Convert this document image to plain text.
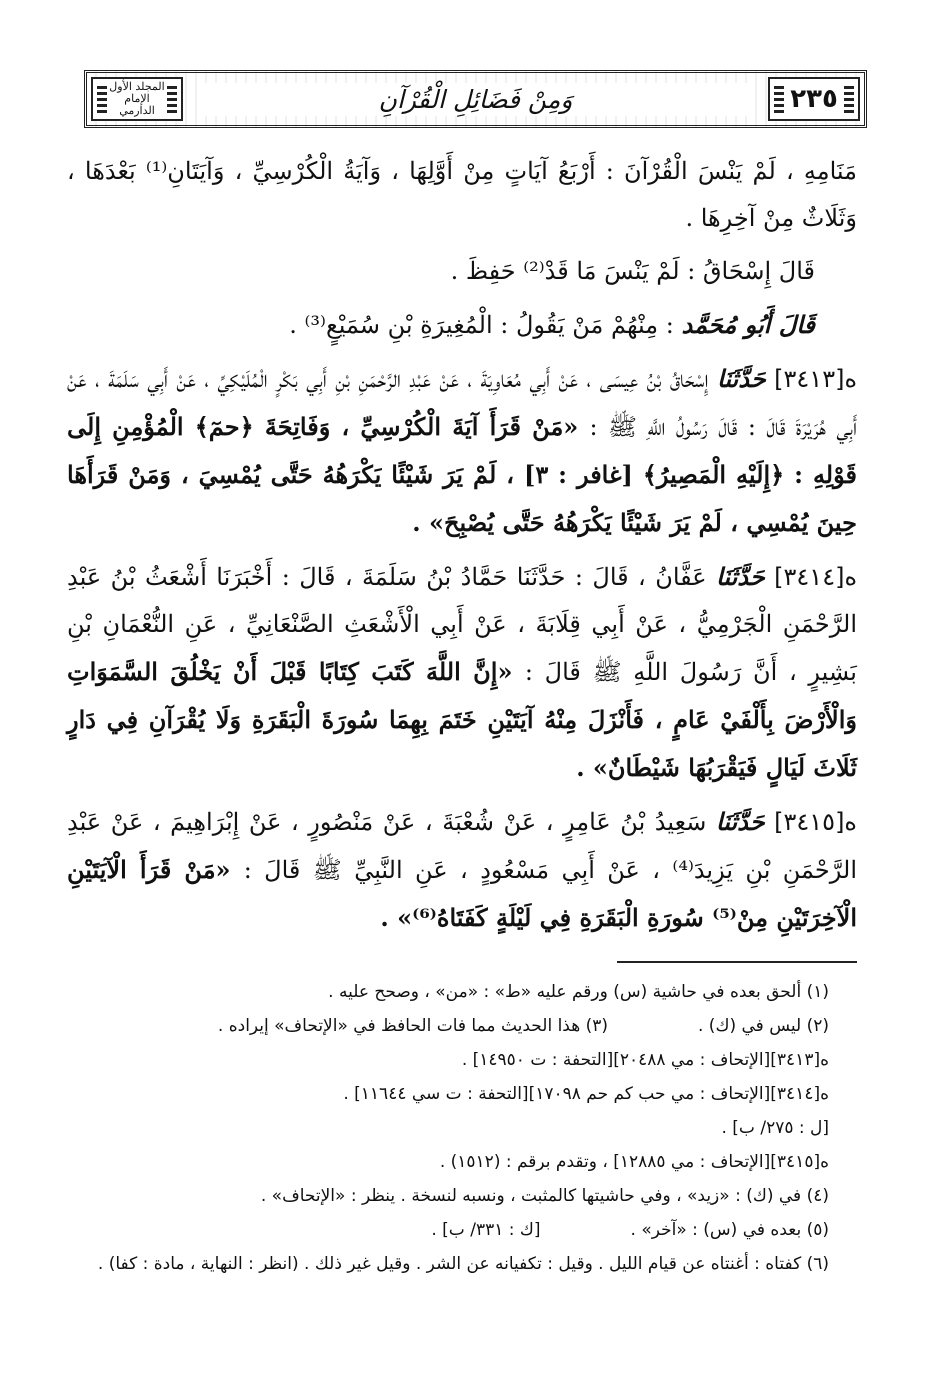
٢٣٥
وَمِنْ فَضَائِلِ الْقُرْآنِ
المجلد الأول الإمام الدارمي

مَنَامِهِ ، لَمْ يَنْسَ الْقُرْآنَ : أَرْبَعُ آيَاتٍ مِنْ أَوَّلِهَا ، وَآيَةُ الْكُرْسِيِّ ، وَآيَتَانِ⁽¹⁾ بَعْدَهَا ، وَثَلَاثٌ مِنْ آخِرِهَا .

قَالَ إِسْحَاقُ : لَمْ يَنْسَ مَا قَدْ⁽²⁾ حَفِظَ .

قَالَ أَبُو مُحَمَّد : مِنْهُمْ مَنْ يَقُولُ : الْمُغِيرَةِ بْنِ سُمَيْعٍ⁽³⁾ .

ه[٣٤١٣] حَدَّثَنَا إِسْحَاقُ بْنُ عِيسَى ، عَنْ أَبِي مُعَاوِيَةَ ، عَنْ عَبْدِ الرَّحْمَنِ بْنِ أَبِي بَكْرٍ الْمُلَيْكِيِّ ، عَنْ أَبِي سَلَمَةَ ، عَنْ أَبِي هُرَيْرَةَ قَالَ : قَالَ رَسُولُ اللَّهِ ﷺ : «مَنْ قَرَأَ آيَةَ الْكُرْسِيِّ ، وَفَاتِحَةَ ﴿حمٓ﴾ الْمُؤْمِنِ إِلَى قَوْلِهِ : ﴿إِلَيْهِ الْمَصِيرُ﴾ [غافر : ٣] ، لَمْ يَرَ شَيْئًا يَكْرَهُهُ حَتَّى يُمْسِيَ ، وَمَنْ قَرَأَهَا حِينَ يُمْسِي ، لَمْ يَرَ شَيْئًا يَكْرَهُهُ حَتَّى يُصْبِحَ» .

ه[٣٤١٤] حَدَّثَنَا عَفَّانُ ، قَالَ : حَدَّثَنَا حَمَّادُ بْنُ سَلَمَةَ ، قَالَ : أَخْبَرَنَا أَشْعَثُ بْنُ عَبْدِ الرَّحْمَنِ الْجَرْمِيُّ ، عَنْ أَبِي قِلَابَةَ ، عَنْ أَبِي الْأَشْعَثِ الصَّنْعَانِيِّ ، عَنِ النُّعْمَانِ بْنِ بَشِيرٍ ، أَنَّ رَسُولَ اللَّهِ ﷺ قَالَ : «إِنَّ اللَّهَ كَتَبَ كِتَابًا قَبْلَ أَنْ يَخْلُقَ السَّمَوَاتِ وَالْأَرْضَ بِأَلْفَيْ عَامٍ ، فَأَنْزَلَ مِنْهُ آيَتَيْنِ خَتَمَ بِهِمَا سُورَةَ الْبَقَرَةِ وَلَا يُقْرَآنِ فِي دَارٍ ثَلَاثَ لَيَالٍ فَيَقْرَبُهَا شَيْطَانٌ» .

ه[٣٤١٥] حَدَّثَنَا سَعِيدُ بْنُ عَامِرٍ ، عَنْ شُعْبَةَ ، عَنْ مَنْصُورٍ ، عَنْ إِبْرَاهِيمَ ، عَنْ عَبْدِ الرَّحْمَنِ بْنِ يَزِيدَ⁽⁴⁾ ، عَنْ أَبِي مَسْعُودٍ ، عَنِ النَّبِيِّ ﷺ قَالَ : «مَنْ قَرَأَ الْآيَتَيْنِ الْآخِرَتَيْنِ مِنْ⁽⁵⁾ سُورَةِ الْبَقَرَةِ فِي لَيْلَةٍ كَفَتَاهُ⁽⁶⁾» .

(١) ألحق بعده في حاشية (س) ورقم عليه «ط» : «من» ، وصحح عليه .
(٢) ليس في (ك) .
(٣) هذا الحديث مما فات الحافظ في «الإتحاف» إيراده .
ه[٣٤١٣][الإتحاف : مي ٢٠٤٨٨][التحفة : ت ١٤٩٥٠] .
ه[٣٤١٤][الإتحاف : مي حب كم حم ١٧٠٩٨][التحفة : ت سي ١١٦٤٤] .
[ل : ٢٧٥/ ب] .
ه[٣٤١٥][الإتحاف : مي ١٢٨٨٥] ، وتقدم برقم : (١٥١٢) .
(٤) في (ك) : «زيد» ، وفي حاشيتها كالمثبت ، ونسبه لنسخة . ينظر : «الإتحاف» .
(٥) بعده في (س) : «آخر» .
[ك : ٣٣١/ ب] .
(٦) كفتاه : أغنتاه عن قيام الليل . وقيل : تكفيانه عن الشر . وقيل غير ذلك . (انظر : النهاية ، مادة : كفا) .
